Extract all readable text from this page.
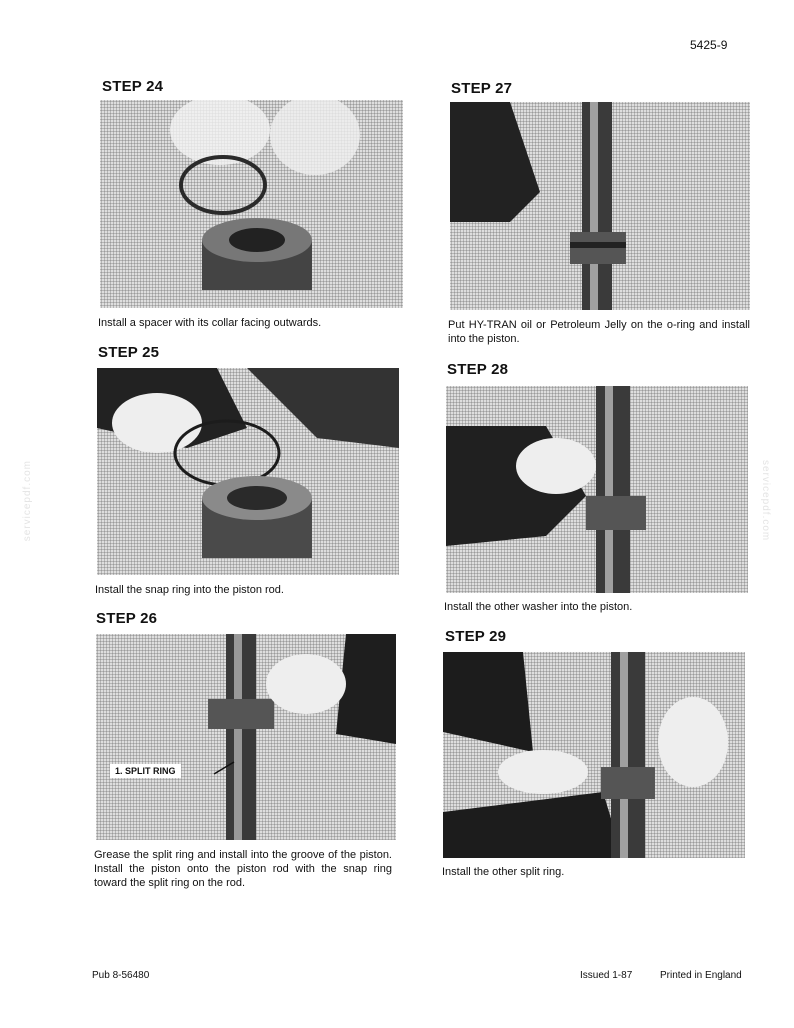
5425-9
servicepdf.com	servicepdf.com
STEP 24
Install a spacer with its collar facing outwards.
STEP 25
Install the snap ring into the piston rod.
STEP 26
1. SPLIT RING
Grease the split ring and install into the groove of the piston. Install the piston onto the piston rod with the snap ring toward the split ring on the rod.
STEP 27
Put HY-TRAN oil or Petroleum Jelly on the o-ring and install into the piston.
STEP 28
Install the other washer into the piston.
STEP 29
Install the other split ring.
Pub 8-56480	Issued 1-87	Printed in England
